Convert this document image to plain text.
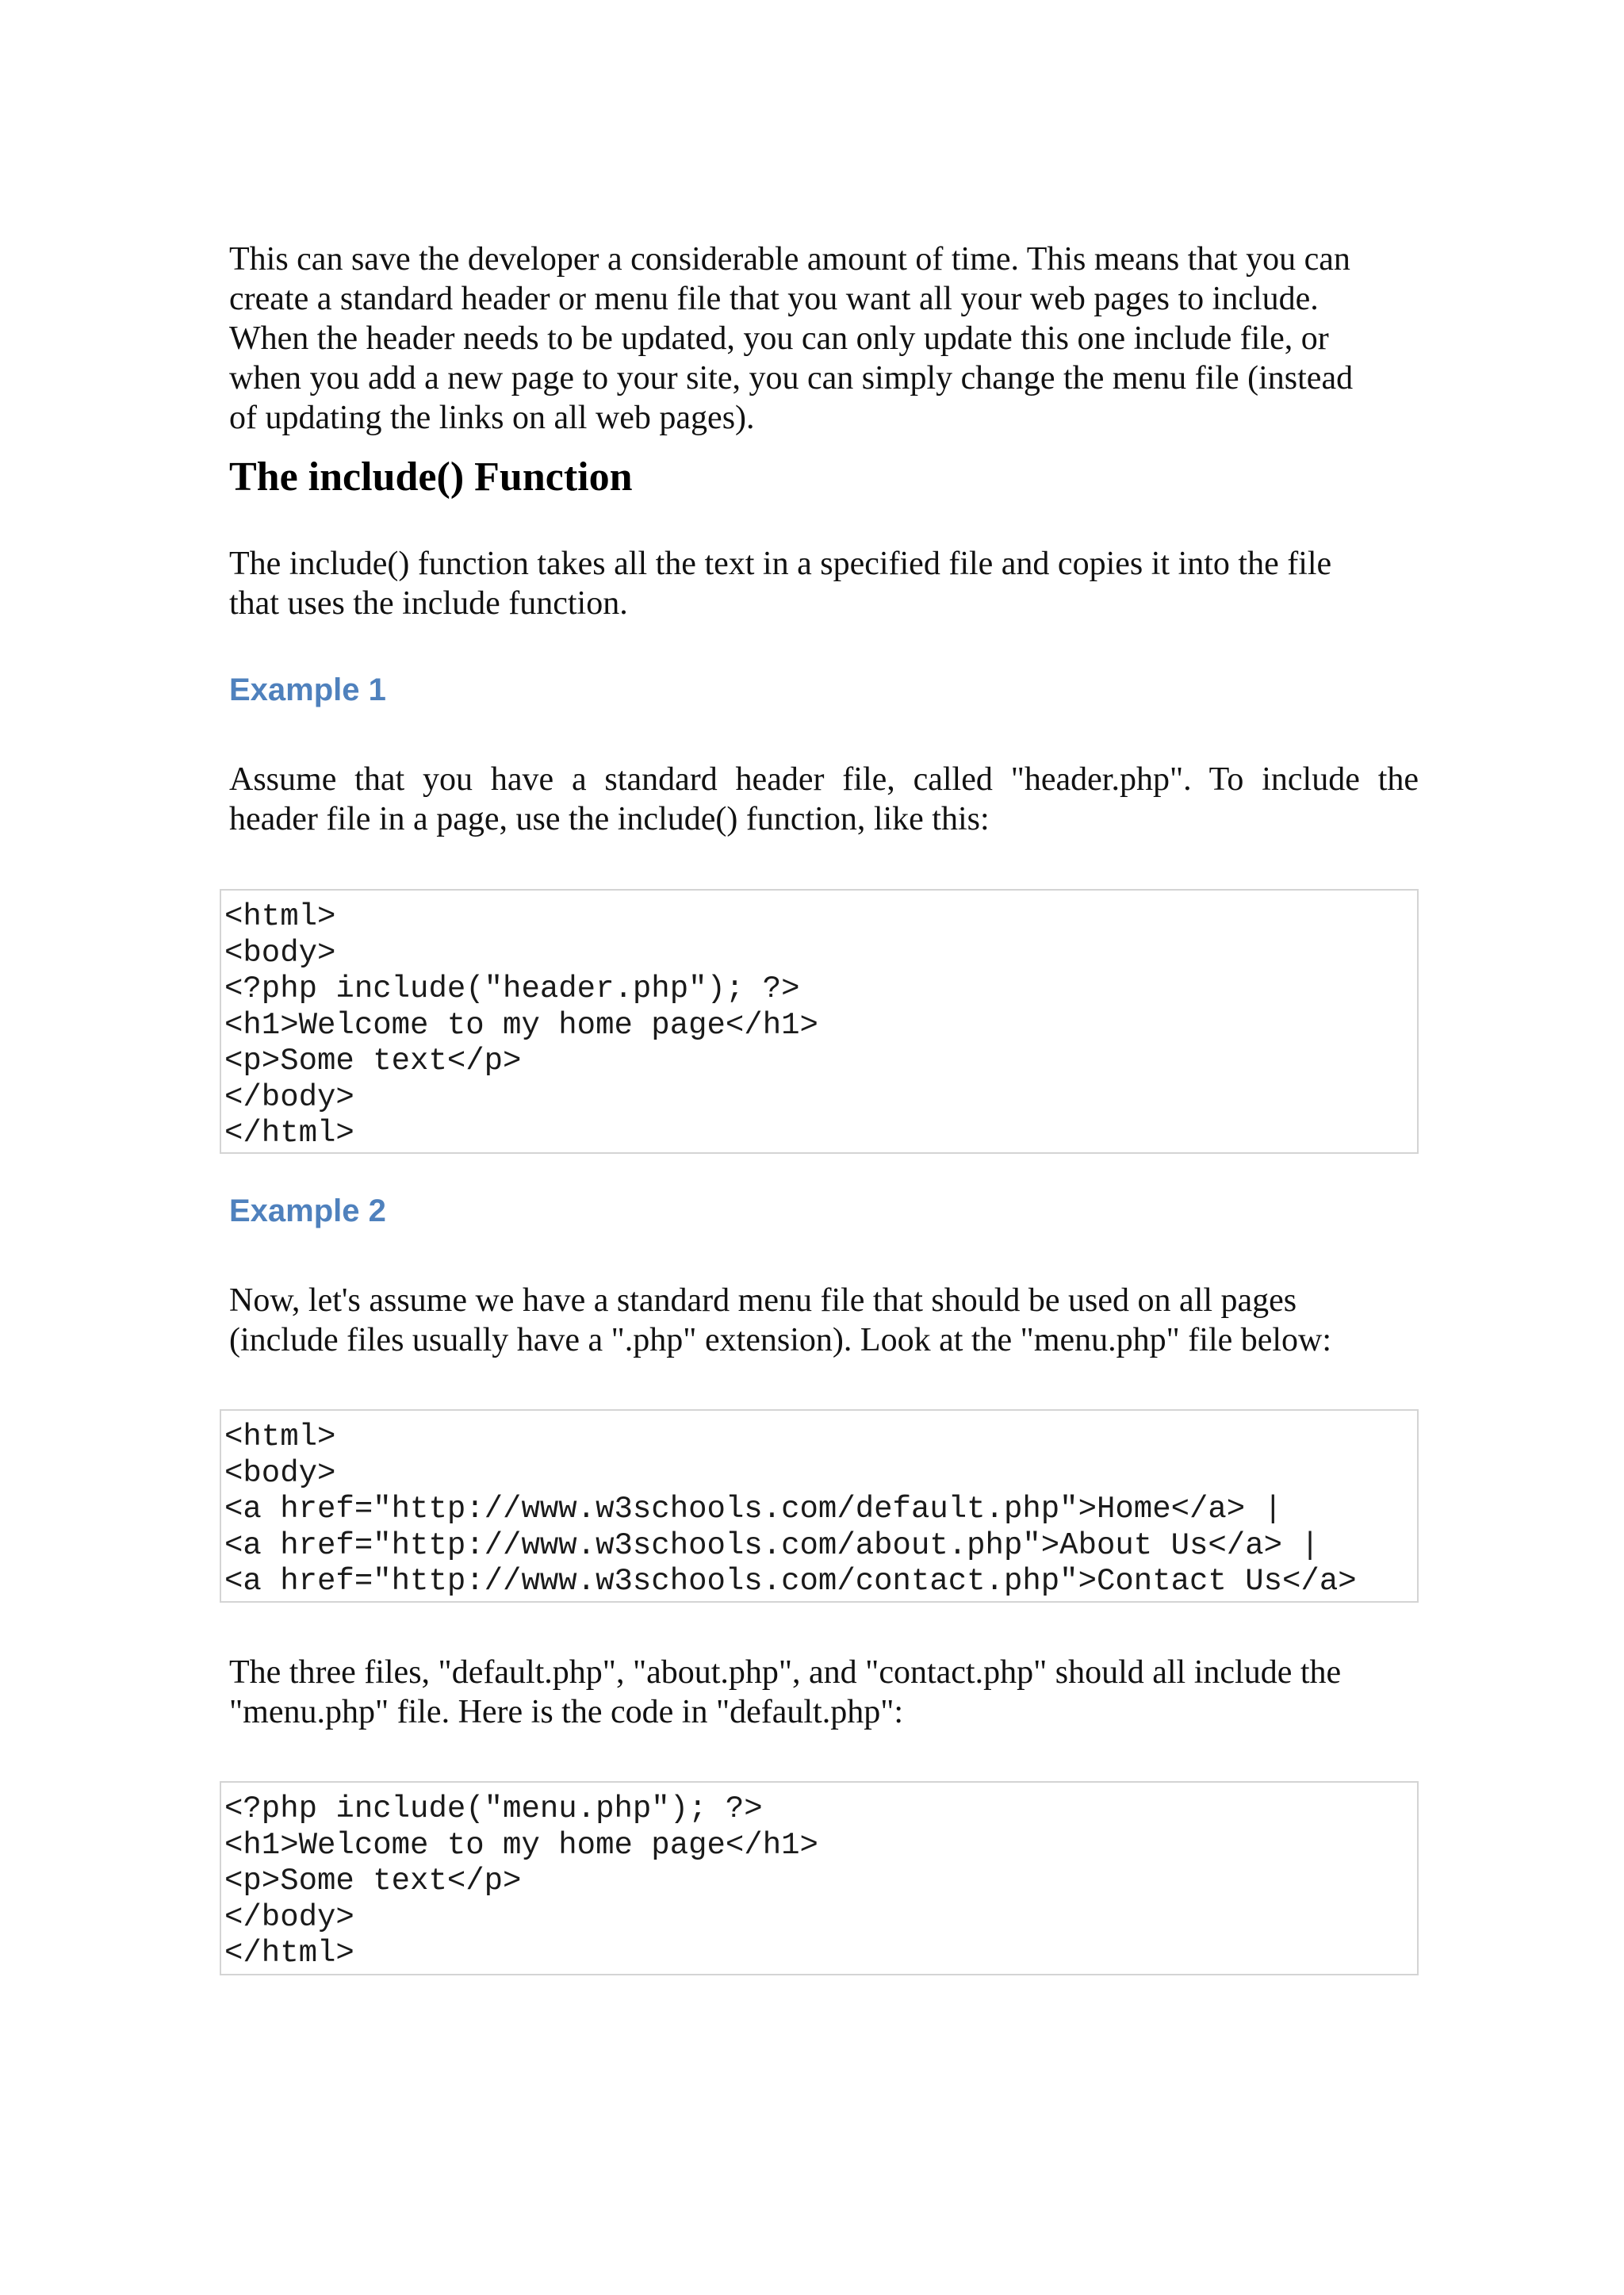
This can save the developer a considerable amount of time. This means that you can
create a standard header or menu file that you want all your web pages to include.
When the header needs to be updated, you can only update this one include file, or
when you add a new page to your site, you can simply change the menu file (instead
of updating the links on all web pages).
The include() Function
The include() function takes all the text in a specified file and copies it into the file
that uses the include function.
Example 1
Assume that you have a standard header file, called "header.php". To include the
header file in a page, use the include() function, like this:
<html>
<body>
<?php include("header.php"); ?>
<h1>Welcome to my home page</h1>
<p>Some text</p>
</body>
</html>
Example 2
Now, let's assume we have a standard menu file that should be used on all pages
(include files usually have a ".php" extension). Look at the "menu.php" file below:
<html>
<body>
<a href="http://www.w3schools.com/default.php">Home</a> |
<a href="http://www.w3schools.com/about.php">About Us</a> |
<a href="http://www.w3schools.com/contact.php">Contact Us</a>
The three files, "default.php", "about.php", and "contact.php" should all include the
"menu.php" file. Here is the code in "default.php":
<?php include("menu.php"); ?>
<h1>Welcome to my home page</h1>
<p>Some text</p>
</body>
</html>
